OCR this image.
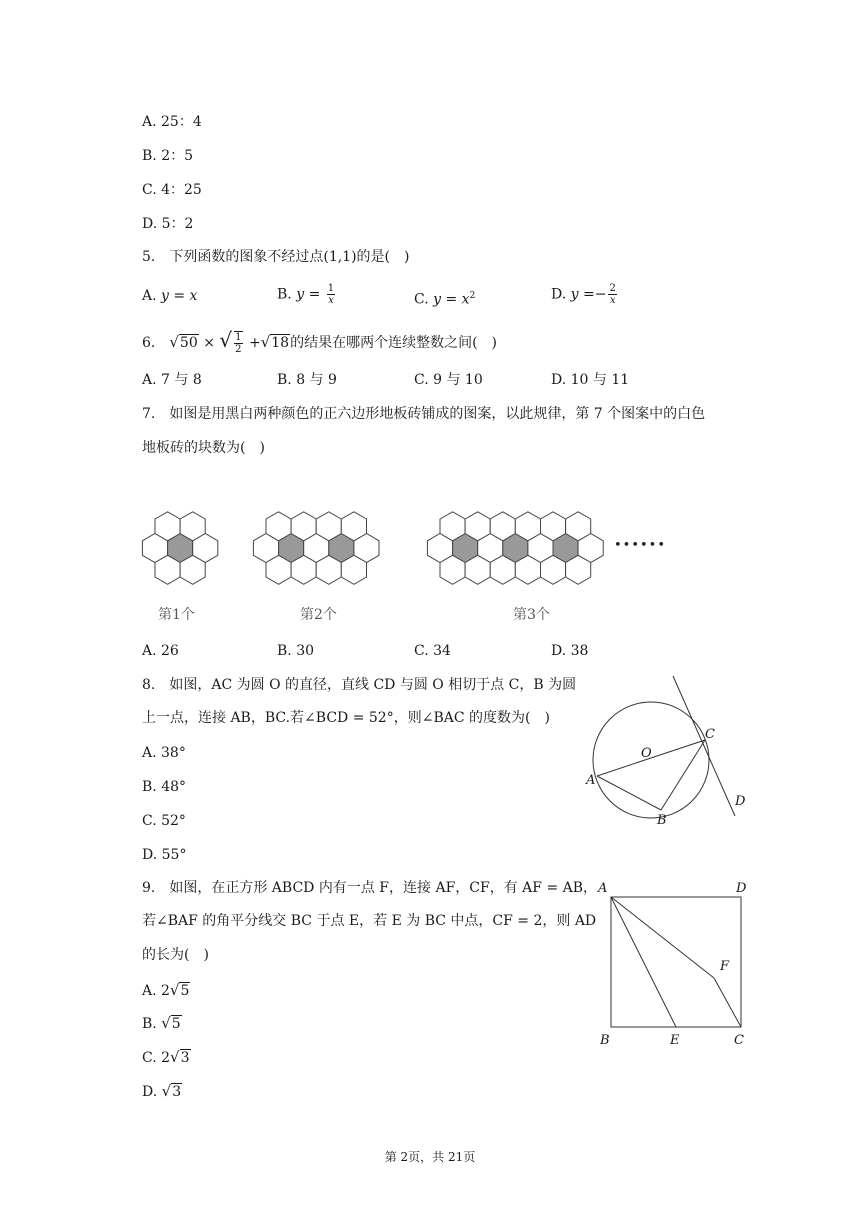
A. 25：4
B. 2：5
C. 4：25
D. 5：2
5.　下列函数的图象不经过点(1,1)的是(　)
A. y = x	B. $y = \frac{1}{x}$	C. $y = x^2$	D. $y =- \frac{2}{x}$
6.　√50 × √ $\frac{1}{2} +√18$的结果在哪两个连续整数之间(　)
A. 7 与 8	B. 8 与 9	C. 9 与 10	D. 10 与 11
7.　如图是用黑白两种颜色的正六边形地板砖铺成的图案，以此规律，第 7 个图案中的白色
地板砖的块数为(　)
第1个	第2个	第3个
••••••
A. 26	B. 30	C. 34	D. 38
8.　如图，AC 为圆 O 的直径，直线 CD 与圆 O 相切于点 C，B 为圆
上一点，连接 AB，BC.若∠BCD = 52°，则∠BAC 的度数为(　)
A. 38°
B. 48°
C. 52°
D. 55°
O
A
B
C
D
9.　如图，在正方形 ABCD 内有一点 F，连接 AF，CF，有 AF = AB，
若∠BAF 的角平分线交 BC 于点 E，若 E 为 BC 中点，CF = 2，则 AD
的长为(　)
A. 2√5
B. √5
C. 2√3
D. √3
A	D
B	E	C
F
第 2页，共 21页
